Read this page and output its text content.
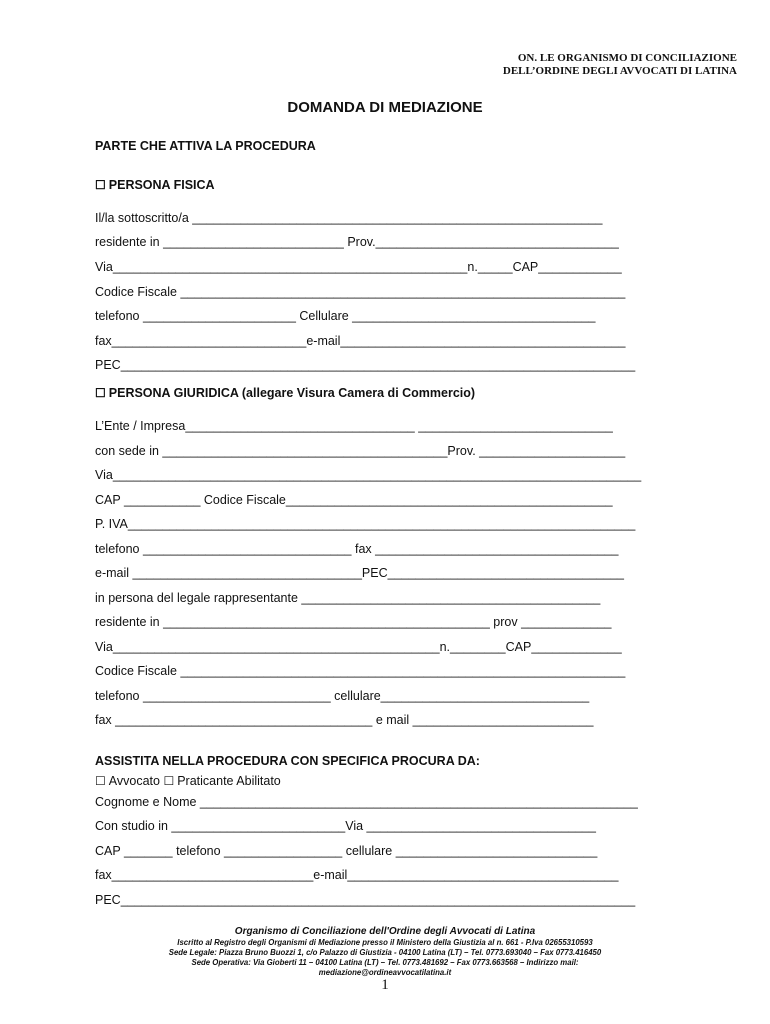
ON. LE ORGANISMO DI CONCILIAZIONE
DELL’ORDINE DEGLI AVVOCATI DI LATINA
DOMANDA DI MEDIAZIONE
PARTE CHE ATTIVA LA PROCEDURA
☐ PERSONA FISICA
Il/la sottoscritto/a ___________________________________________________________
residente in __________________________ Prov.___________________________________
Via___________________________________________________n._____CAP____________
Codice Fiscale ________________________________________________________________
telefono ______________________ Cellulare ___________________________________
fax____________________________e-mail_________________________________________
PEC__________________________________________________________________________
☐ PERSONA GIURIDICA (allegare Visura Camera di Commercio)
L’Ente / Impresa_________________________________ ____________________________
con sede in _________________________________________Prov. _____________________
Via____________________________________________________________________________
CAP ___________ Codice Fiscale_______________________________________________
P. IVA_________________________________________________________________________
telefono ______________________________ fax ___________________________________
e-mail _________________________________PEC__________________________________
in persona del legale rappresentante ___________________________________________
residente in _______________________________________________ prov _____________
Via_______________________________________________n.________CAP_____________
Codice Fiscale ________________________________________________________________
telefono ___________________________ cellulare______________________________
fax _____________________________________ e mail __________________________
ASSISTITA NELLA PROCEDURA CON SPECIFICA PROCURA DA:
☐ Avvocato ☐ Praticante Abilitato
Cognome e Nome _______________________________________________________________
Con studio in _________________________Via _________________________________
CAP _______ telefono _________________ cellulare _____________________________
fax_____________________________e-mail_______________________________________
PEC__________________________________________________________________________
Organismo di Conciliazione dell'Ordine degli Avvocati di Latina
Iscritto al Registro degli Organismi di Mediazione presso il Ministero della Giustizia al n. 661 - P.Iva 02655310593
Sede Legale: Piazza Bruno Buozzi 1, c/o Palazzo di Giustizia - 04100 Latina (LT) – Tel. 0773.693040 – Fax 0773.416450
Sede Operativa: Via Gioberti 11 – 04100 Latina (LT) – Tel. 0773.481692 – Fax 0773.663568 – Indirizzo mail:
mediazione@ordineavvocatilatina.it
1
